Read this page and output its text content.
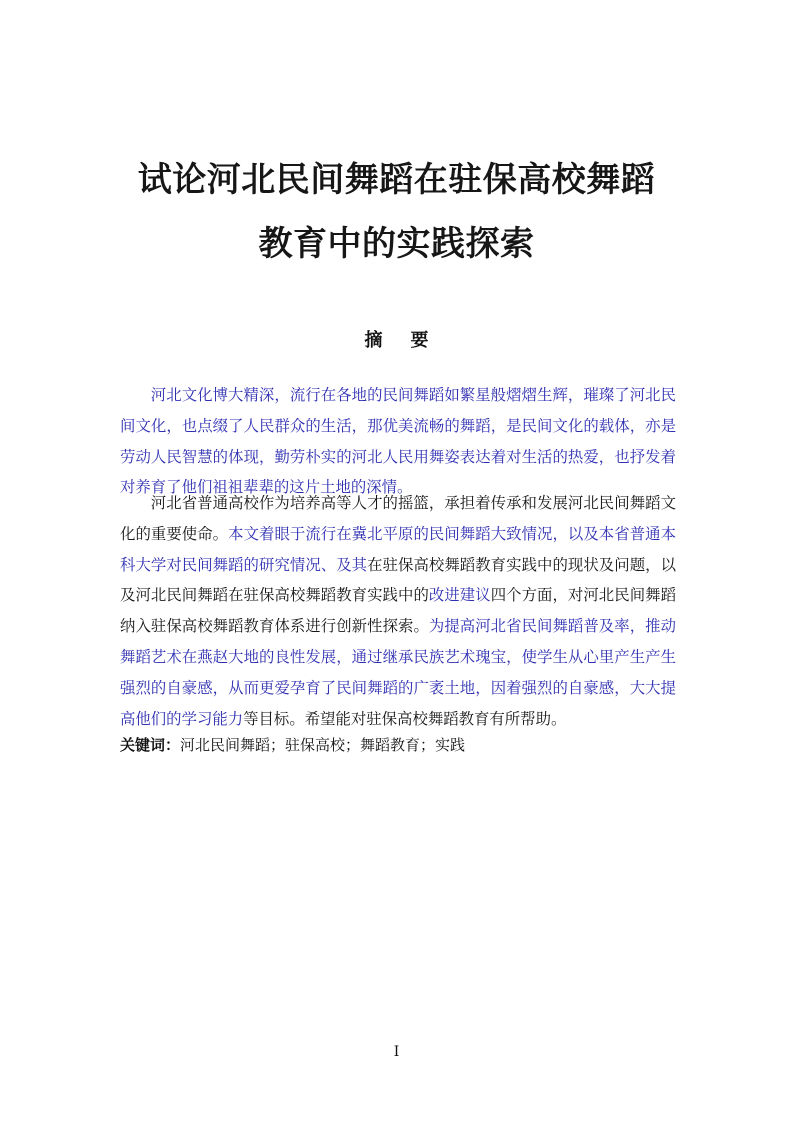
试论河北民间舞蹈在驻保高校舞蹈
教育中的实践探索
摘 要

河北文化博大精深，流行在各地的民间舞蹈如繁星般熠熠生辉，璀璨了河北民间文化，也点缀了人民群众的生活，那优美流畅的舞蹈，是民间文化的载体，亦是劳动人民智慧的体现，勤劳朴实的河北人民用舞姿表达着对生活的热爱，也抒发着对养育了他们祖祖辈辈的这片土地的深情。

河北省普通高校作为培养高等人才的摇篮，承担着传承和发展河北民间舞蹈文化的重要使命。本文着眼于流行在冀北平原的民间舞蹈大致情况，以及本省普通本科大学对民间舞蹈的研究情况、及其在驻保高校舞蹈教育实践中的现状及问题，以及河北民间舞蹈在驻保高校舞蹈教育实践中的改进建议四个方面，对河北民间舞蹈纳入驻保高校舞蹈教育体系进行创新性探索。为提高河北省民间舞蹈普及率，推动舞蹈艺术在燕赵大地的良性发展，通过继承民族艺术瑰宝，使学生从心里产生产生强烈的自豪感，从而更爱孕育了民间舞蹈的广袤土地，因着强烈的自豪感，大大提高他们的学习能力等目标。希望能对驻保高校舞蹈教育有所帮助。

关键词：河北民间舞蹈；驻保高校；舞蹈教育；实践

I
